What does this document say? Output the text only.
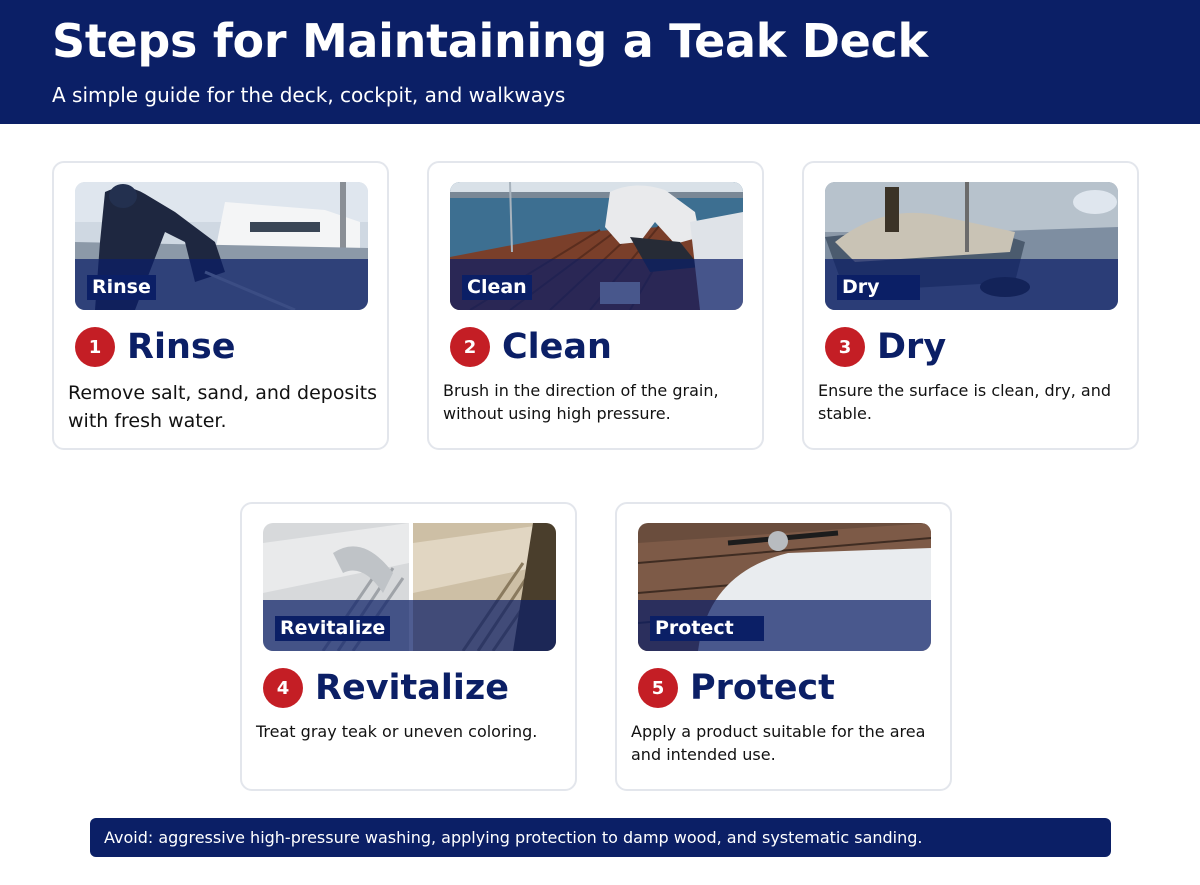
Steps for Maintaining a Teak Deck

A simple guide for the deck, cockpit, and walkways

Rinse
1 Rinse
Remove salt, sand, and deposits with fresh water.
Clean
2 Clean
Brush in the direction of the grain, without using high pressure.
Dry
3 Dry
Ensure the surface is clean, dry, and stable.
Revitalize
4 Revitalize
Treat gray teak or uneven coloring.
Protect
5 Protect
Apply a product suitable for the area and intended use.
Avoid: aggressive high-pressure washing, applying protection to damp wood, and systematic sanding.
